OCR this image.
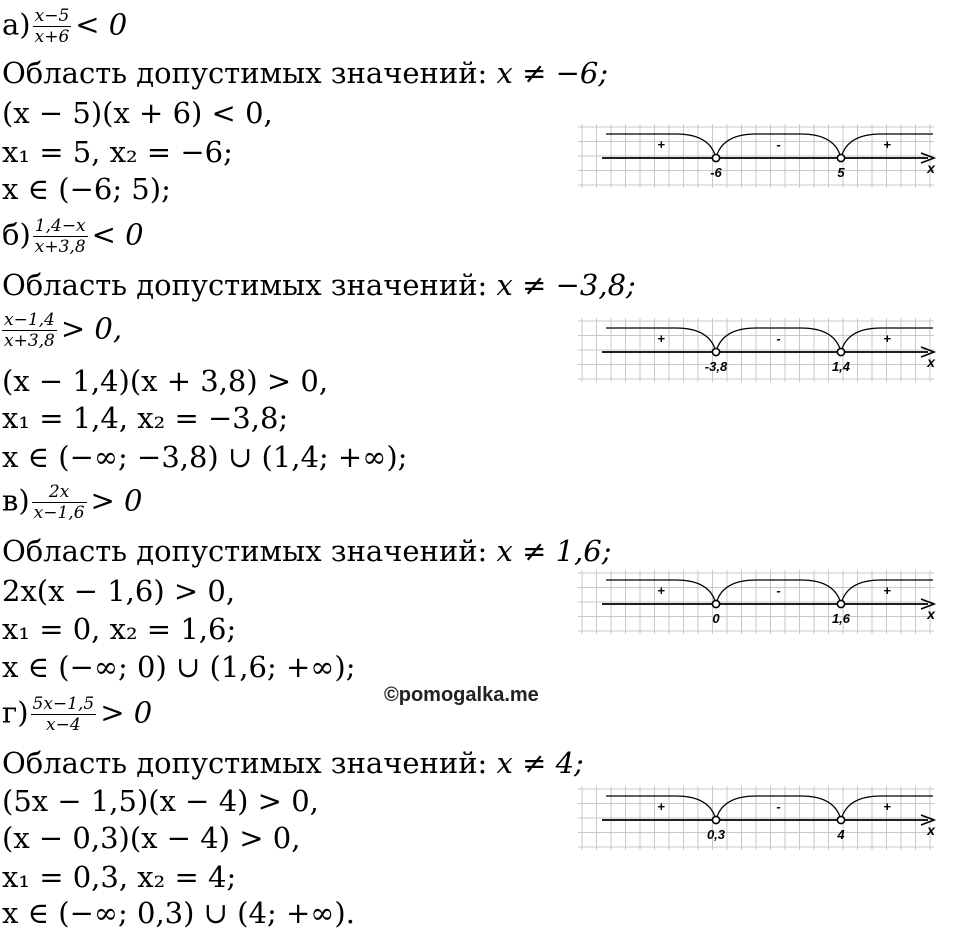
$а) \frac{x-5}{x+6} < 0$
Область допустимых значений: x ≠ −6;
(x − 5)(x + 6) < 0,
x₁ = 5, x₂ = −6;
x ∈ (−6; 5);
$б) \frac{1,4-x}{x+3,8} < 0$
Область допустимых значений: x ≠ −3,8;
$\frac{x-1,4}{x+3,8} > 0$,
(x − 1,4)(x + 3,8) > 0,
x₁ = 1,4, x₂ = −3,8;
x ∈ (−∞; −3,8) ∪ (1,4; +∞);
$в) \frac{2x}{x-1,6} > 0$
Область допустимых значений: x ≠ 1,6;
2x(x − 1,6) > 0,
x₁ = 0, x₂ = 1,6;
x ∈ (−∞; 0) ∪ (1,6; +∞);
$г) \frac{5x-1,5}{x-4} > 0$
Область допустимых значений: x ≠ 4;
(5x − 1,5)(x − 4) > 0,
(x − 0,3)(x − 4) > 0,
x₁ = 0,3, x₂ = 4;
x ∈ (−∞; 0,3) ∪ (4; +∞).
©pomogalka.me
+	-	+
-6	5	x
+	-	+
-3,8	1,4	x
+	-	+
0	1,6	x
+	-	+
0,3	4	x
